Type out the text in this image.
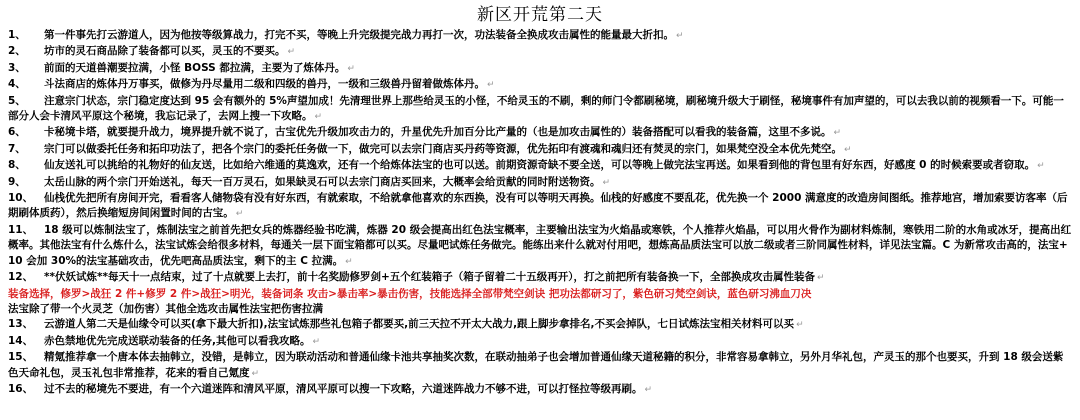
新区开荒第二天
1、 第一件事先打云游道人，因为他按等级算战力，打完不买，等晚上升完级提完战力再打一次，功法装备全换成攻击属性的能量最大折扣。 ↵
2、 坊市的灵石商品除了装备都可以买，灵玉的不要买。 ↵
3、 前面的天道兽潮要拉满，小怪 BOSS 都拉满，主要为了炼体丹。 ↵
4、 斗法商店的炼体丹万事买，做修为丹尽量用二级和四级的兽丹，一级和三级兽丹留着做炼体丹。 ↵
5、 注意宗门状态，宗门稳定度达到 95 会有额外的 5%声望加成！先清理世界上那些给灵玉的小怪，不给灵玉的不刷，剩的师门令都刷秘境，刷秘境升级大于刷怪，秘境事件有加声望的，可以去我以前的视频看一下。可能一部分人会卡清风平原这个秘境，我忘记录了，去网上搜一下攻略。 ↵
6、 卡秘境卡塔，就要提升战力，境界提升就不说了，古宝优先升级加攻击力的，升星优先升加百分比产量的（也是加攻击属性的）装备搭配可以看我的装备篇，这里不多说。 ↵
7、 宗门可以做委托任务和拓印功法了，把各个宗门的委托任务做一下，做完可以去宗门商店买丹药等资源，优先拓印有渡魂和魂归还有焚灵的宗门，如果梵空没全本优先梵空。 ↵
8、 仙友送礼可以挑给的礼物好的仙友送，比如给六维通的莫逸欢，还有一个给炼体法宝的也可以送。前期资源奇缺不要全送，可以等晚上做完法宝再送。如果看到他的背包里有好东西，好感度 0 的时候索要或者窃取。 ↵
9、 太岳山脉的两个宗门开始送礼，每天一百万灵石，如果缺灵石可以去宗门商店买回来，大概率会给贡献的同时附送物资。 ↵
10、 仙栈优先把所有房间开完，看看客人储物袋有没有好东西，有就索取，不给就拿他喜欢的东西换，没有可以等明天再换。仙栈的好感度不要乱花，优先换一个 2000 满意度的改造房间图纸。推荐地宫，增加索要访客率（后期刷体质药），然后换缩短房间闲置时间的古宝。 ↵
11、 18 级可以炼制法宝了，炼制法宝之前首先把女兵的炼器经验书吃满，炼器 20 级会提高出红色法宝概率，主要输出法宝为火焰晶或寒铁，个人推荐火焰晶，可以用火骨作为副材料炼制，寒铁用二阶的水角或冰牙，提高出红概率。其他法宝有什么炼什么，法宝试炼会给很多材料，每通关一层下面宝箱都可以买。尽量吧试炼任务做完。能练出来什么就对付用吧，想炼高品质法宝可以放二级或者三阶同属性材料，详见法宝篇。C 为新常攻击高的，法宝+10 会加 30%的法宝基础攻击，优先吧高品质法宝，剩下的主 C 拉满。 ↵
12、 **伏妖试炼**每天十一点结束，过了十点就要上去打，前十名奖励修罗剑+五个红装箱子（箱子留着二十五级再开），打之前把所有装备换一下，全部换成攻击属性装备 ↵
装备选择，修罗>战狂 2 件+修罗 2 件>战狂>明光，装备词条 攻击>暴击率>暴击伤害，技能选择全部带梵空剑诀 把功法都研习了，紫色研习梵空剑诀，蓝色研习沸血刀决
法宝除了带一个火灵芝（加伤害）其他全选攻击属性法宝把伤害拉满
13、 云游道人第二天是仙缘令可以买(拿下最大折扣),法宝试炼那些礼包箱子都要买,前三天拉不开太大战力,跟上脚步拿排名,不买会掉队，七日试炼法宝相关材料可以买 ↵
14、 赤色禁地优先完成送联动装备的任务,其他可以看我攻略。 ↵
15、 精氪推荐拿一个唐本体去抽韩立，没错，是韩立，因为联动活动和普通仙缘卡池共享抽奖次数，在联动抽弟子也会增加普通仙缘天道秘籍的积分，非常容易拿韩立，另外月华礼包，产灵玉的那个也要买，升到 18 级会送紫色天命礼包，灵玉礼包非常推荐，花来的看自己氪度 ↵
16、 过不去的秘境先不要进，有一个六道迷阵和清风平原，清风平原可以搜一下攻略，六道迷阵战力不够不进，可以打怪拉等级再刷。 ↵
